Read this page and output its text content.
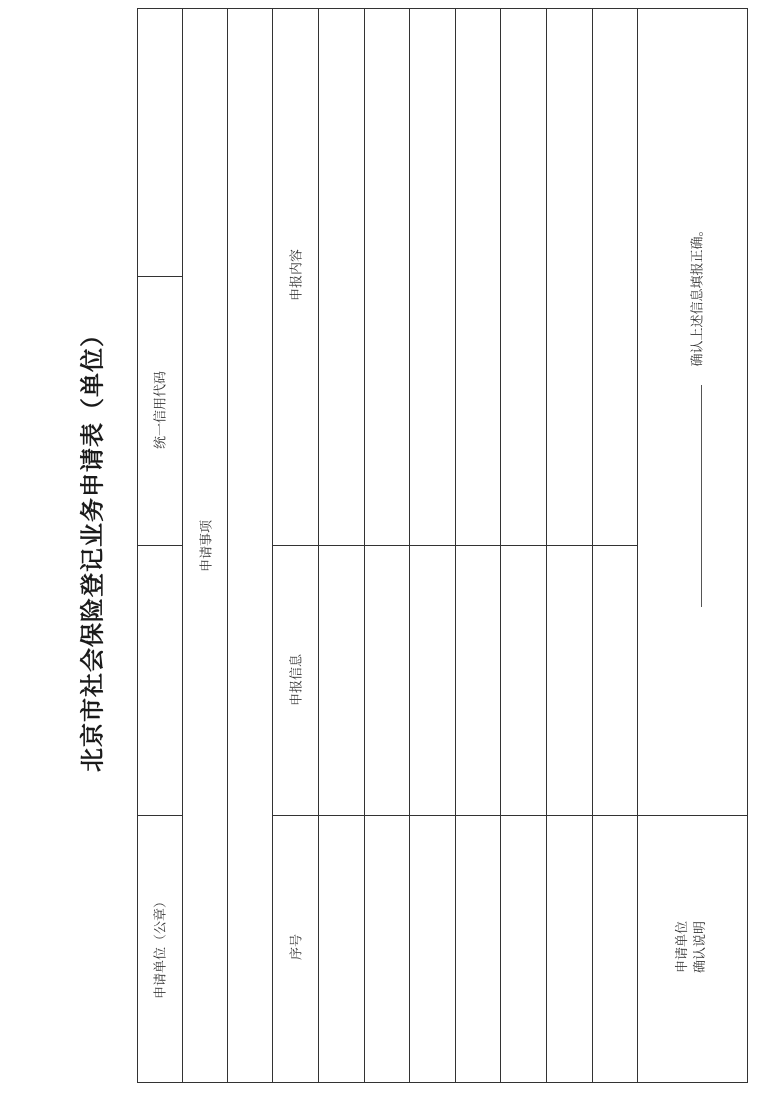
北京市社会保险登记业务申请表（单位）	统一信用代码
申请单位（公章）
申请事项
申报内容
申报信息
序号	申请单位 确认说明
确认上述信息填报正确。
